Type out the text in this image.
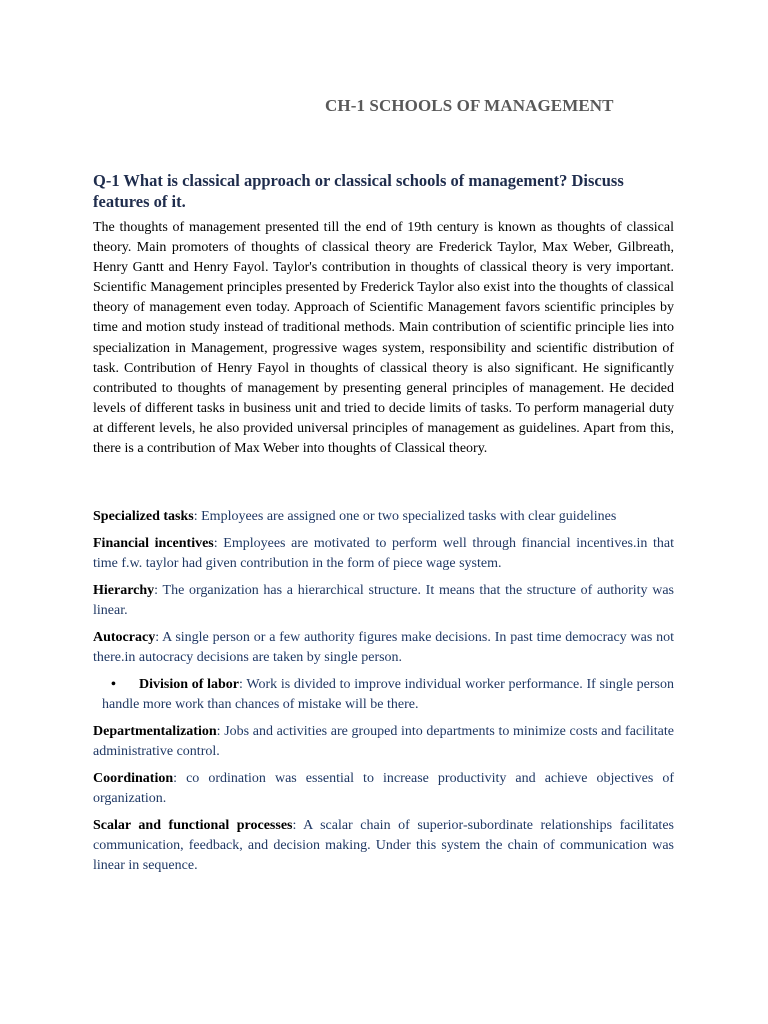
CH-1 SCHOOLS OF MANAGEMENT
Q-1 What is classical approach or classical schools of management? Discuss features of it.

The thoughts of management presented till the end of 19th century is known as thoughts of classical theory. Main promoters of thoughts of classical theory are Frederick Taylor, Max Weber, Gilbreath, Henry Gantt and Henry Fayol. Taylor's contribution in thoughts of classical theory is very important. Scientific Management principles presented by Frederick Taylor also exist into the thoughts of classical theory of management even today. Approach of Scientific Management favors scientific principles by time and motion study instead of traditional methods. Main contribution of scientific principle lies into specialization in Management, progressive wages system, responsibility and scientific distribution of task. Contribution of Henry Fayol in thoughts of classical theory is also significant. He significantly contributed to thoughts of management by presenting general principles of management. He decided levels of different tasks in business unit and tried to decide limits of tasks. To perform managerial duty at different levels, he also provided universal principles of management as guidelines. Apart from this, there is a contribution of Max Weber into thoughts of Classical theory.

Specialized tasks: Employees are assigned one or two specialized tasks with clear guidelines

Financial incentives: Employees are motivated to perform well through financial incentives.in that time f.w. taylor had given contribution in the form of piece wage system.

Hierarchy: The organization has a hierarchical structure. It means that the structure of authority was linear.

Autocracy: A single person or a few authority figures make decisions. In past time democracy was not there.in autocracy decisions are taken by single person.

• Division of labor: Work is divided to improve individual worker performance. If single person handle more work than chances of mistake will be there.

Departmentalization: Jobs and activities are grouped into departments to minimize costs and facilitate administrative control.

Coordination: co ordination was essential to increase productivity and achieve objectives of organization.

Scalar and functional processes: A scalar chain of superior-subordinate relationships facilitates communication, feedback, and decision making. Under this system the chain of communication was linear in sequence.
